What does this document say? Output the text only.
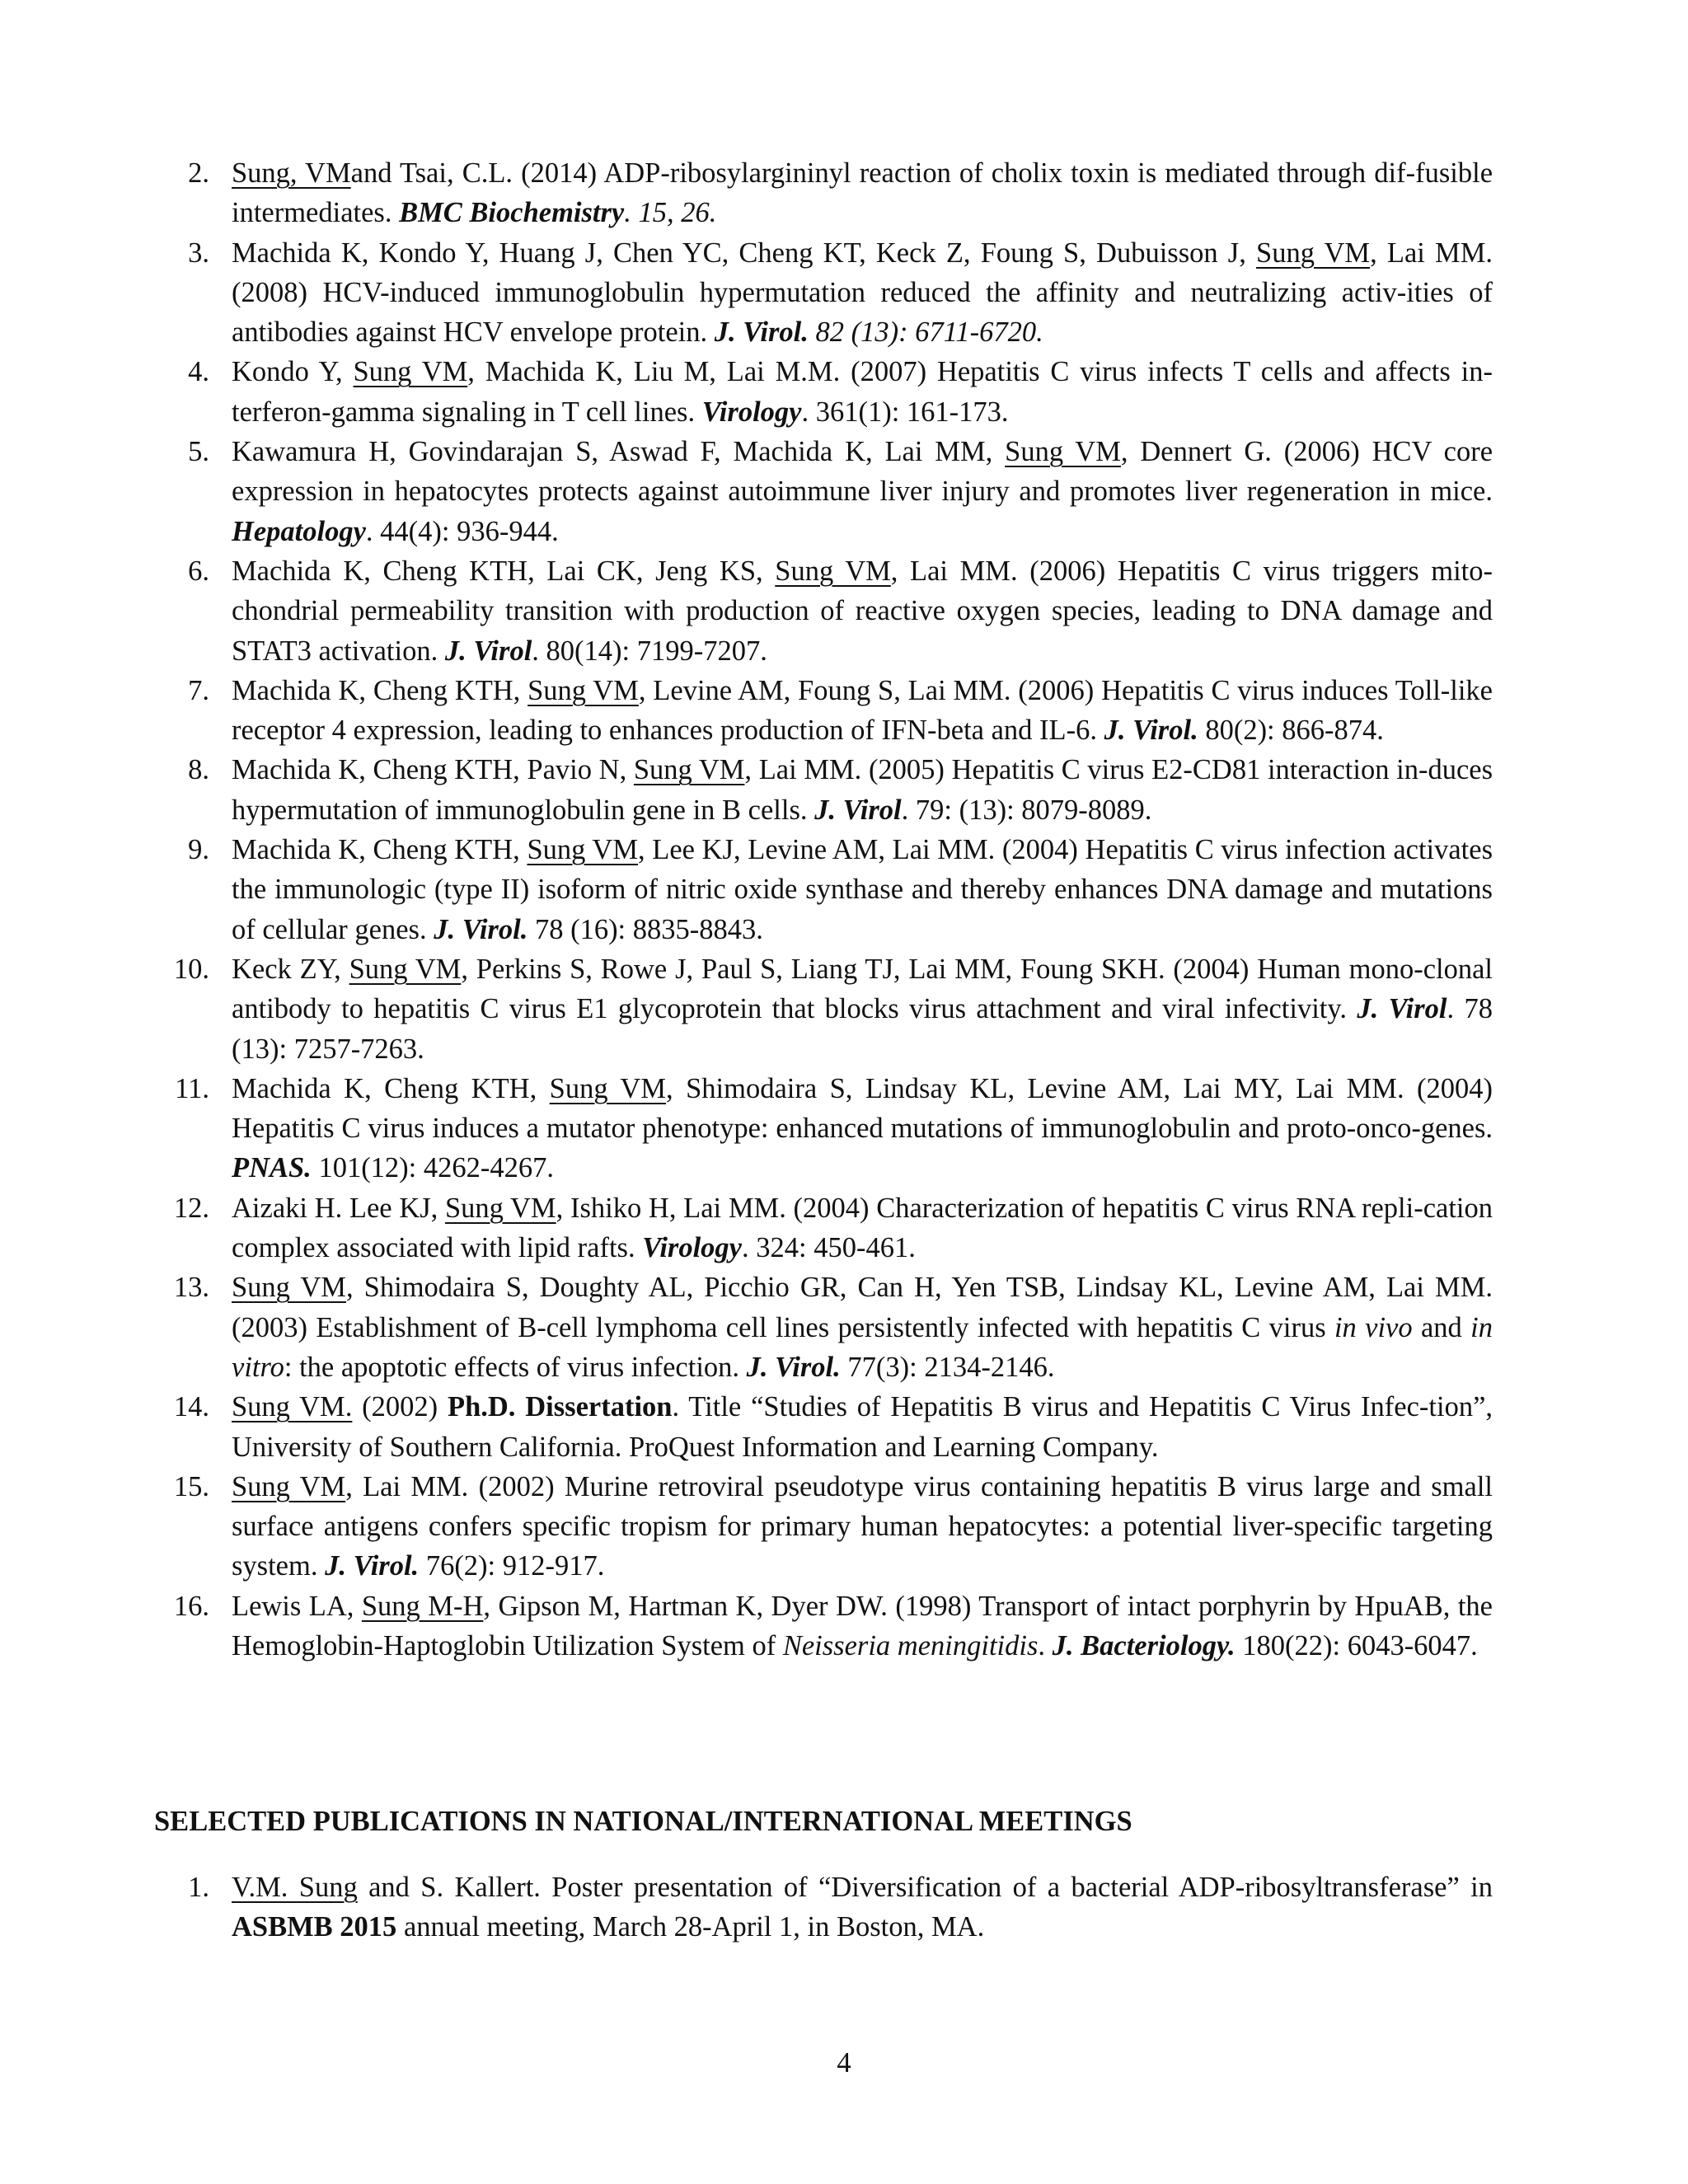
2. Sung, VMand Tsai, C.L. (2014) ADP-ribosylargininyl reaction of cholix toxin is mediated through dif-fusible intermediates. BMC Biochemistry. 15, 26.
3. Machida K, Kondo Y, Huang J, Chen YC, Cheng KT, Keck Z, Foung S, Dubuisson J, Sung VM, Lai MM. (2008) HCV-induced immunoglobulin hypermutation reduced the affinity and neutralizing activ-ities of antibodies against HCV envelope protein. J. Virol. 82 (13): 6711-6720.
4. Kondo Y, Sung VM, Machida K, Liu M, Lai M.M. (2007) Hepatitis C virus infects T cells and affects in-terferon-gamma signaling in T cell lines. Virology. 361(1): 161-173.
5. Kawamura H, Govindarajan S, Aswad F, Machida K, Lai MM, Sung VM, Dennert G. (2006) HCV core expression in hepatocytes protects against autoimmune liver injury and promotes liver regeneration in mice. Hepatology. 44(4): 936-944.
6. Machida K, Cheng KTH, Lai CK, Jeng KS, Sung VM, Lai MM. (2006) Hepatitis C virus triggers mito-chondrial permeability transition with production of reactive oxygen species, leading to DNA damage and STAT3 activation. J. Virol. 80(14): 7199-7207.
7. Machida K, Cheng KTH, Sung VM, Levine AM, Foung S, Lai MM. (2006) Hepatitis C virus induces Toll-like receptor 4 expression, leading to enhances production of IFN-beta and IL-6. J. Virol. 80(2): 866-874.
8. Machida K, Cheng KTH, Pavio N, Sung VM, Lai MM. (2005) Hepatitis C virus E2-CD81 interaction in-duces hypermutation of immunoglobulin gene in B cells. J. Virol. 79: (13): 8079-8089.
9. Machida K, Cheng KTH, Sung VM, Lee KJ, Levine AM, Lai MM. (2004) Hepatitis C virus infection activates the immunologic (type II) isoform of nitric oxide synthase and thereby enhances DNA damage and mutations of cellular genes. J. Virol. 78 (16): 8835-8843.
10. Keck ZY, Sung VM, Perkins S, Rowe J, Paul S, Liang TJ, Lai MM, Foung SKH. (2004) Human mono-clonal antibody to hepatitis C virus E1 glycoprotein that blocks virus attachment and viral infectivity. J. Virol. 78 (13): 7257-7263.
11. Machida K, Cheng KTH, Sung VM, Shimodaira S, Lindsay KL, Levine AM, Lai MY, Lai MM. (2004) Hepatitis C virus induces a mutator phenotype: enhanced mutations of immunoglobulin and proto-onco-genes. PNAS. 101(12): 4262-4267.
12. Aizaki H. Lee KJ, Sung VM, Ishiko H, Lai MM. (2004) Characterization of hepatitis C virus RNA repli-cation complex associated with lipid rafts. Virology. 324: 450-461.
13. Sung VM, Shimodaira S, Doughty AL, Picchio GR, Can H, Yen TSB, Lindsay KL, Levine AM, Lai MM. (2003) Establishment of B-cell lymphoma cell lines persistently infected with hepatitis C virus in vivo and in vitro: the apoptotic effects of virus infection. J. Virol. 77(3): 2134-2146.
14. Sung VM. (2002) Ph.D. Dissertation. Title “Studies of Hepatitis B virus and Hepatitis C Virus Infec-tion”, University of Southern California. ProQuest Information and Learning Company.
15. Sung VM, Lai MM. (2002) Murine retroviral pseudotype virus containing hepatitis B virus large and small surface antigens confers specific tropism for primary human hepatocytes: a potential liver-specific targeting system. J. Virol. 76(2): 912-917.
16. Lewis LA, Sung M-H, Gipson M, Hartman K, Dyer DW. (1998) Transport of intact porphyrin by HpuAB, the Hemoglobin-Haptoglobin Utilization System of Neisseria meningitidis. J. Bacteriology. 180(22): 6043-6047.
SELECTED PUBLICATIONS IN NATIONAL/INTERNATIONAL MEETINGS
1. V.M. Sung and S. Kallert. Poster presentation of “Diversification of a bacterial ADP-ribosyltransferase” in ASBMB 2015 annual meeting, March 28-April 1, in Boston, MA.
4
